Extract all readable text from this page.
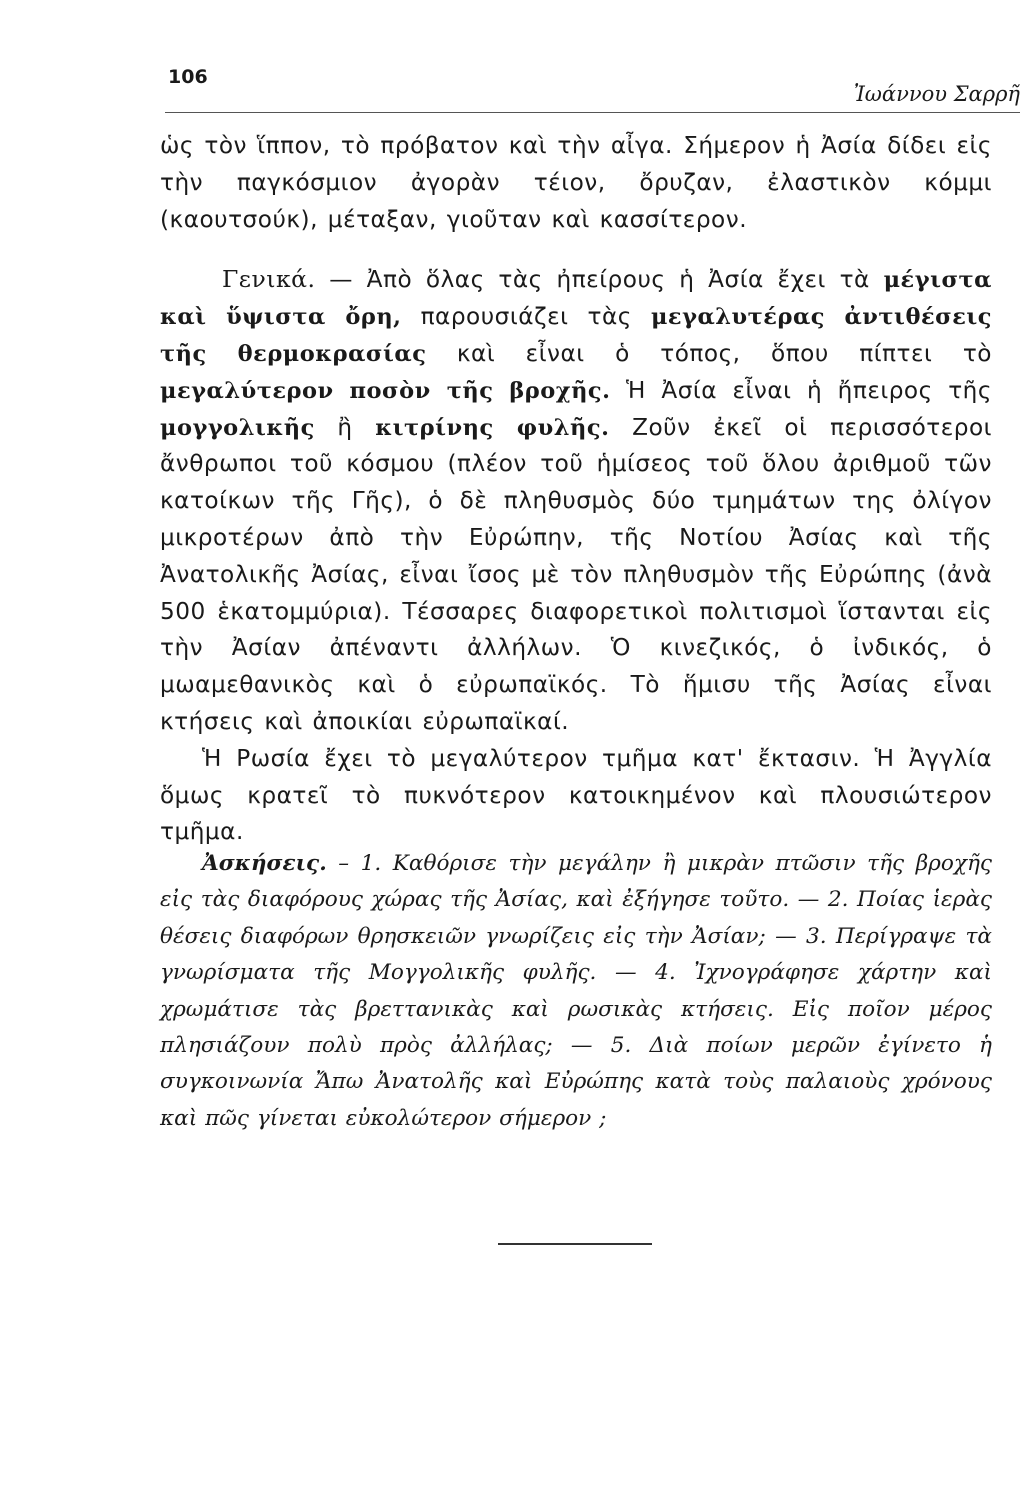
106
Ἰωάννου Σαρρῆ

ὡς τὸν ἵππον, τὸ πρόβατον καὶ τὴν αἶγα. Σήμερον ἡ Ἀσία δίδει εἰς τὴν παγκόσμιον ἀγορὰν τέιον, ὄρυζαν, ἐλαστικὸν κόμμι (καουτσούκ), μέταξαν, γιοῦταν καὶ κασσίτερον.

Γενικά. — Ἀπὸ ὅλας τὰς ἠπείρους ἡ Ἀσία ἔχει τὰ μέγιστα καὶ ὕψιστα ὄρη, παρουσιάζει τὰς μεγαλυτέρας ἀντιθέσεις τῆς θερμοκρασίας καὶ εἶναι ὁ τόπος, ὅπου πίπτει τὸ μεγαλύτερον ποσὸν τῆς βροχῆς. Ἡ Ἀσία εἶναι ἡ ἤπειρος τῆς μογγολικῆς ἢ κιτρίνης φυλῆς. Ζοῦν ἐκεῖ οἱ περισσότεροι ἄνθρωποι τοῦ κόσμου (πλέον τοῦ ἡμίσεος τοῦ ὅλου ἀριθμοῦ τῶν κατοίκων τῆς Γῆς), ὁ δὲ πληθυσμὸς δύο τμημάτων της ὀλίγον μικροτέρων ἀπὸ τὴν Εὐρώπην, τῆς Νοτίου Ἀσίας καὶ τῆς Ἀνατολικῆς Ἀσίας, εἶναι ἴσος μὲ τὸν πληθυσμὸν τῆς Εὐρώπης (ἀνὰ 500 ἑκατομμύρια). Τέσσαρες διαφορετικοὶ πολιτισμοὶ ἵστανται εἰς τὴν Ἀσίαν ἀπέναντι ἀλλήλων. Ὁ κινεζικός, ὁ ἰνδικός, ὁ μωαμεθανικὸς καὶ ὁ εὐρωπαϊκός. Τὸ ἥμισυ τῆς Ἀσίας εἶναι κτήσεις καὶ ἀποικίαι εὐρωπαϊκαί.

Ἡ Ρωσία ἔχει τὸ μεγαλύτερον τμῆμα κατ' ἔκτασιν. Ἡ Ἀγγλία ὅμως κρατεῖ τὸ πυκνότερον κατοικημένον καὶ πλουσιώτερον τμῆμα.

Ἀσκήσεις. – 1. Καθόρισε τὴν μεγάλην ἢ μικρὰν πτῶσιν τῆς βροχῆς εἰς τὰς διαφόρους χώρας τῆς Ἀσίας, καὶ ἐξήγησε τοῦτο. — 2. Ποίας ἱερὰς θέσεις διαφόρων θρησκειῶν γνωρίζεις εἰς τὴν Ἀσίαν; — 3. Περίγραψε τὰ γνωρίσματα τῆς Μογγολικῆς φυλῆς. — 4. Ἰχνογράφησε χάρτην καὶ χρωμάτισε τὰς βρεττανικὰς καὶ ρωσικὰς κτήσεις. Εἰς ποῖον μέρος πλησιάζουν πολὺ πρὸς ἀλλήλας; — 5. Διὰ ποίων μερῶν ἐγίνετο ἡ συγκοινωνία Ἄπω Ἀνατολῆς καὶ Εὐρώπης κατὰ τοὺς παλαιοὺς χρόνους καὶ πῶς γίνεται εὐκολώτερον σήμερον ;
